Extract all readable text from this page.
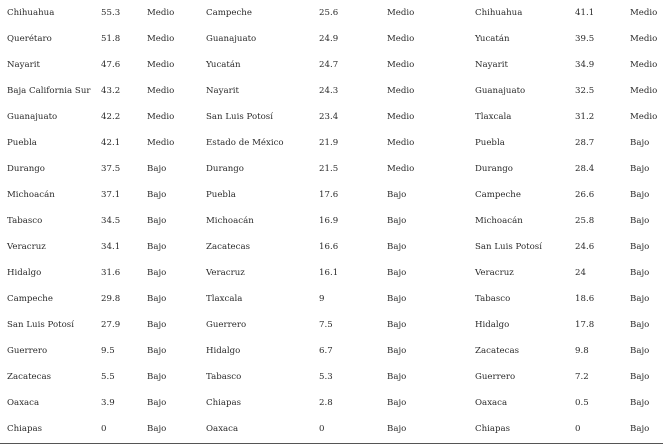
Chihuahua	55.3	Medio	Campeche	25.6	Medio	Chihuahua	41.1	Medio
Querétaro	51.8	Medio	Guanajuato	24.9	Medio	Yucatán	39.5	Medio
Nayarit	47.6	Medio	Yucatán	24.7	Medio	Nayarit	34.9	Medio
Baja California Sur	43.2	Medio	Nayarit	24.3	Medio	Guanajuato	32.5	Medio
Guanajuato	42.2	Medio	San Luis Potosí	23.4	Medio	Tlaxcala	31.2	Medio
Puebla	42.1	Medio	Estado de México	21.9	Medio	Puebla	28.7	Bajo
Durango	37.5	Bajo	Durango	21.5	Medio	Durango	28.4	Bajo
Michoacán	37.1	Bajo	Puebla	17.6	Bajo	Campeche	26.6	Bajo
Tabasco	34.5	Bajo	Michoacán	16.9	Bajo	Michoacán	25.8	Bajo
Veracruz	34.1	Bajo	Zacatecas	16.6	Bajo	San Luis Potosí	24.6	Bajo
Hidalgo	31.6	Bajo	Veracruz	16.1	Bajo	Veracruz	24	Bajo
Campeche	29.8	Bajo	Tlaxcala	9	Bajo	Tabasco	18.6	Bajo
San Luis Potosí	27.9	Bajo	Guerrero	7.5	Bajo	Hidalgo	17.8	Bajo
Guerrero	9.5	Bajo	Hidalgo	6.7	Bajo	Zacatecas	9.8	Bajo
Zacatecas	5.5	Bajo	Tabasco	5.3	Bajo	Guerrero	7.2	Bajo
Oaxaca	3.9	Bajo	Chiapas	2.8	Bajo	Oaxaca	0.5	Bajo
Chiapas	0	Bajo	Oaxaca	0	Bajo	Chiapas	0	Bajo
